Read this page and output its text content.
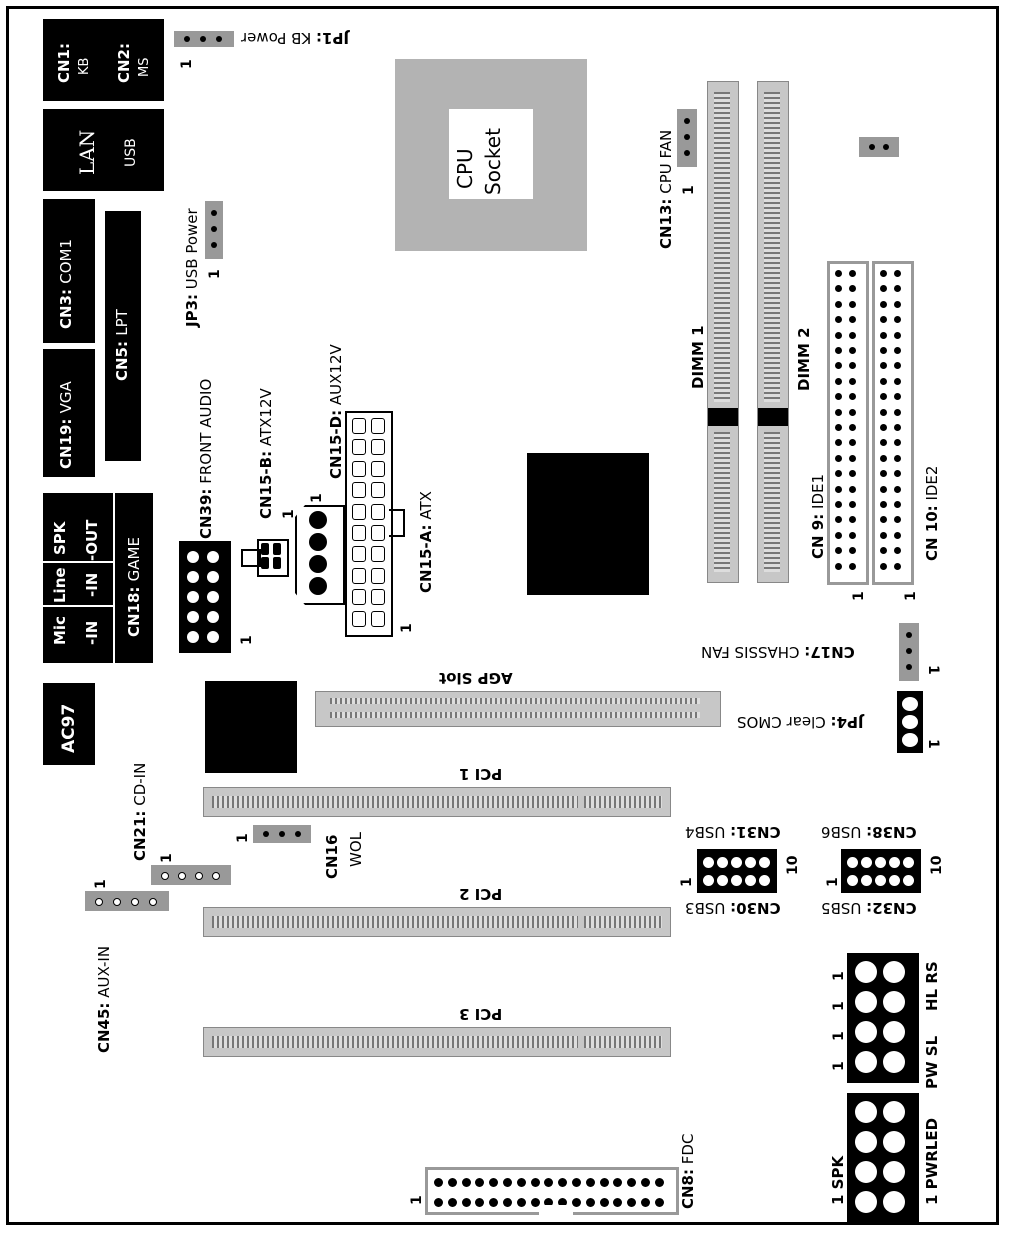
CN1: KB CN2: MS
LAN USB
CN3: COM1
CN5: LPT
CN19: VGA
SPK -OUT
Line -IN
Mic -IN CN18: GAME
AC97
JP1: KB Power
1
JP3: USB Power 1
CPU Socket
CN13: CPU FAN 1
DIMM 1	DIMM 2
CN 9: IDE1
1
CN 10: IDE2
1
CN39: FRONT AUDIO
1
CN15-B: ATX12V
1
1
CN15-D: AUX12V
CN15-A: ATX
1
AGP Slot
CN17: CHASSIS FAN
1
JP4: Clear CMOS
1
PCI 1
PCI 2
PCI 3
CN21: CD-IN
1
1	CN16 WOL
CN45: AUX-IN
1
CN31: USB4
CN30: USB3
1
10
CN38: USB6
CN32: USB5
1
10
HL RS
PW SL
1 PWRLED
1 SPK
1
1
1
1
1	CN8: FDC
